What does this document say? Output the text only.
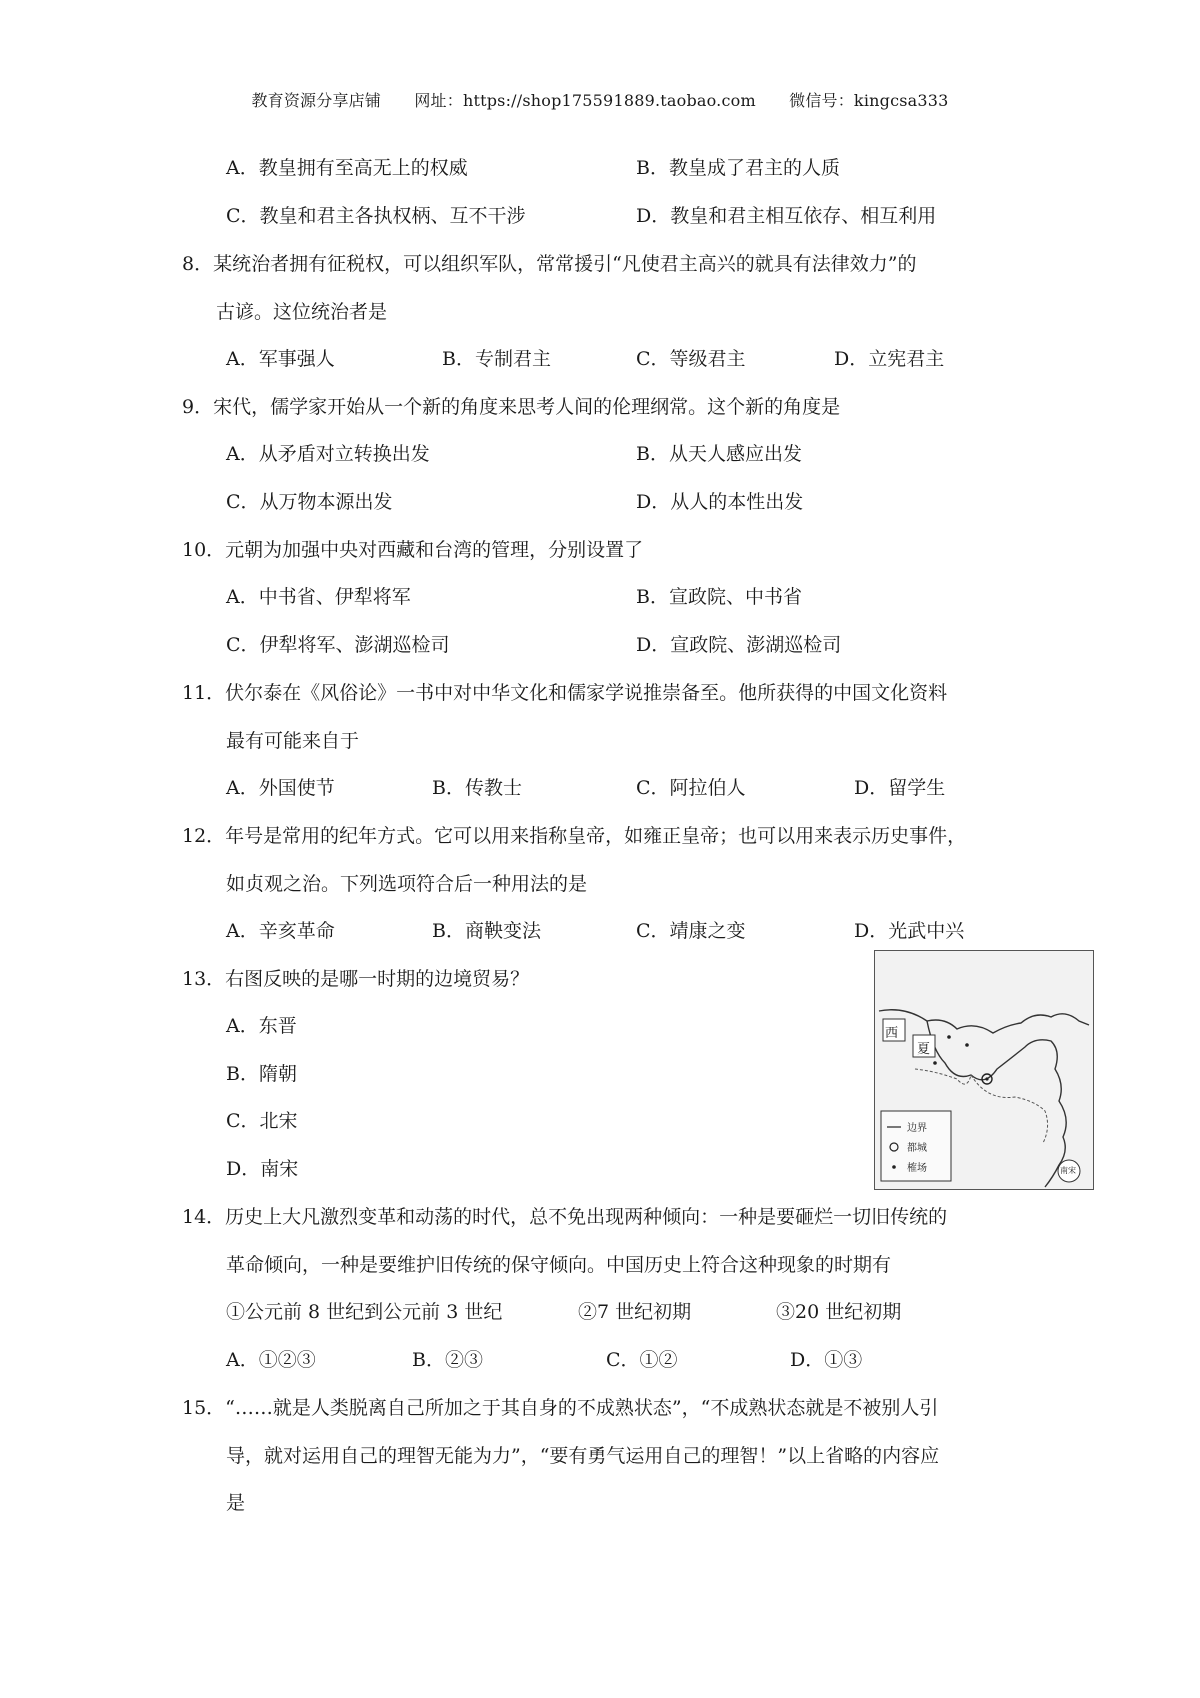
教育资源分享店铺 网址：https://shop175591889.taobao.com 微信号：kingcsa333
A．教皇拥有至高无上的权威	B．教皇成了君主的人质
C．教皇和君主各执权柄、互不干涉	D．教皇和君主相互依存、相互利用
8．某统治者拥有征税权，可以组织军队，常常援引“凡使君主高兴的就具有法律效力”的
古谚。这位统治者是
A．军事强人	B．专制君主	C．等级君主	D．立宪君主
9．宋代，儒学家开始从一个新的角度来思考人间的伦理纲常。这个新的角度是
A．从矛盾对立转换出发	B．从天人感应出发
C．从万物本源出发	D．从人的本性出发
10．元朝为加强中央对西藏和台湾的管理，分别设置了
A．中书省、伊犁将军	B．宣政院、中书省
C．伊犁将军、澎湖巡检司	D．宣政院、澎湖巡检司
11．伏尔泰在《风俗论》一书中对中华文化和儒家学说推崇备至。他所获得的中国文化资料
最有可能来自于
A．外国使节	B．传教士	C．阿拉伯人	D．留学生
12．年号是常用的纪年方式。它可以用来指称皇帝，如雍正皇帝；也可以用来表示历史事件，
如贞观之治。下列选项符合后一种用法的是
A．辛亥革命	B．商鞅变法	C．靖康之变	D．光武中兴
13．右图反映的是哪一时期的边境贸易？
A．东晋
B．隋朝
C．北宋
D．南宋
西
夏
边界
都城
榷场	南宋
14．历史上大凡激烈变革和动荡的时代，总不免出现两种倾向：一种是要砸烂一切旧传统的
革命倾向，一种是要维护旧传统的保守倾向。中国历史上符合这种现象的时期有
①公元前 8 世纪到公元前 3 世纪	②7 世纪初期	③20 世纪初期
A．①②③	B．②③	C．①②	D．①③
15．“……就是人类脱离自己所加之于其自身的不成熟状态”，“不成熟状态就是不被别人引
导，就对运用自己的理智无能为力”，“要有勇气运用自己的理智！”以上省略的内容应
是
